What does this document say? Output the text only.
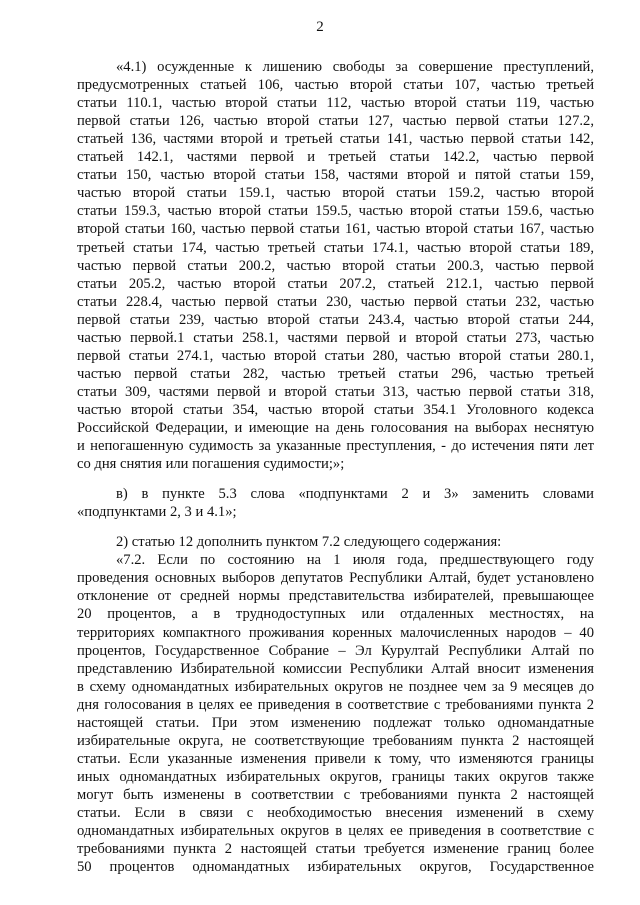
2
«4.1) осужденные к лишению свободы за совершение преступлений,
предусмотренных статьей 106, частью второй статьи 107, частью третьей
статьи 110.1, частью второй статьи 112, частью второй статьи 119, частью
первой статьи 126, частью второй статьи 127, частью первой статьи 127.2,
статьей 136, частями второй и третьей статьи 141, частью первой статьи 142,
статьей 142.1, частями первой и третьей статьи 142.2, частью первой
статьи 150, частью второй статьи 158, частями второй и пятой статьи 159,
частью второй статьи 159.1, частью второй статьи 159.2, частью второй
статьи 159.3, частью второй статьи 159.5, частью второй статьи 159.6, частью
второй статьи 160, частью первой статьи 161, частью второй статьи 167, частью
третьей статьи 174, частью третьей статьи 174.1, частью второй статьи 189,
частью первой статьи 200.2, частью второй статьи 200.3, частью первой
статьи 205.2, частью второй статьи 207.2, статьей 212.1, частью первой
статьи 228.4, частью первой статьи 230, частью первой статьи 232, частью
первой статьи 239, частью второй статьи 243.4, частью второй статьи 244,
частью первой.1 статьи 258.1, частями первой и второй статьи 273, частью
первой статьи 274.1, частью второй статьи 280, частью второй статьи 280.1,
частью первой статьи 282, частью третьей статьи 296, частью третьей
статьи 309, частями первой и второй статьи 313, частью первой статьи 318,
частью второй статьи 354, частью второй статьи 354.1 Уголовного кодекса
Российской Федерации, и имеющие на день голосования на выборах неснятую
и непогашенную судимость за указанные преступления, - до истечения пяти лет
со дня снятия или погашения судимости;»;
в) в пункте 5.3 слова «подпунктами 2 и 3» заменить словами
«подпунктами 2, 3 и 4.1»;
2) статью 12 дополнить пунктом 7.2 следующего содержания:
«7.2. Если по состоянию на 1 июля года, предшествующего году
проведения основных выборов депутатов Республики Алтай, будет установлено
отклонение от средней нормы представительства избирателей, превышающее
20 процентов, а в труднодоступных или отдаленных местностях, на
территориях компактного проживания коренных малочисленных народов – 40
процентов, Государственное Собрание – Эл Курултай Республики Алтай по
представлению Избирательной комиссии Республики Алтай вносит изменения
в схему одномандатных избирательных округов не позднее чем за 9 месяцев до
дня голосования в целях ее приведения в соответствие с требованиями пункта 2
настоящей статьи. При этом изменению подлежат только одномандатные
избирательные округа, не соответствующие требованиям пункта 2 настоящей
статьи. Если указанные изменения привели к тому, что изменяются границы
иных одномандатных избирательных округов, границы таких округов также
могут быть изменены в соответствии с требованиями пункта 2 настоящей
статьи. Если в связи с необходимостью внесения изменений в схему
одномандатных избирательных округов в целях ее приведения в соответствие с
требованиями пункта 2 настоящей статьи требуется изменение границ более
50 процентов одномандатных избирательных округов, Государственное
